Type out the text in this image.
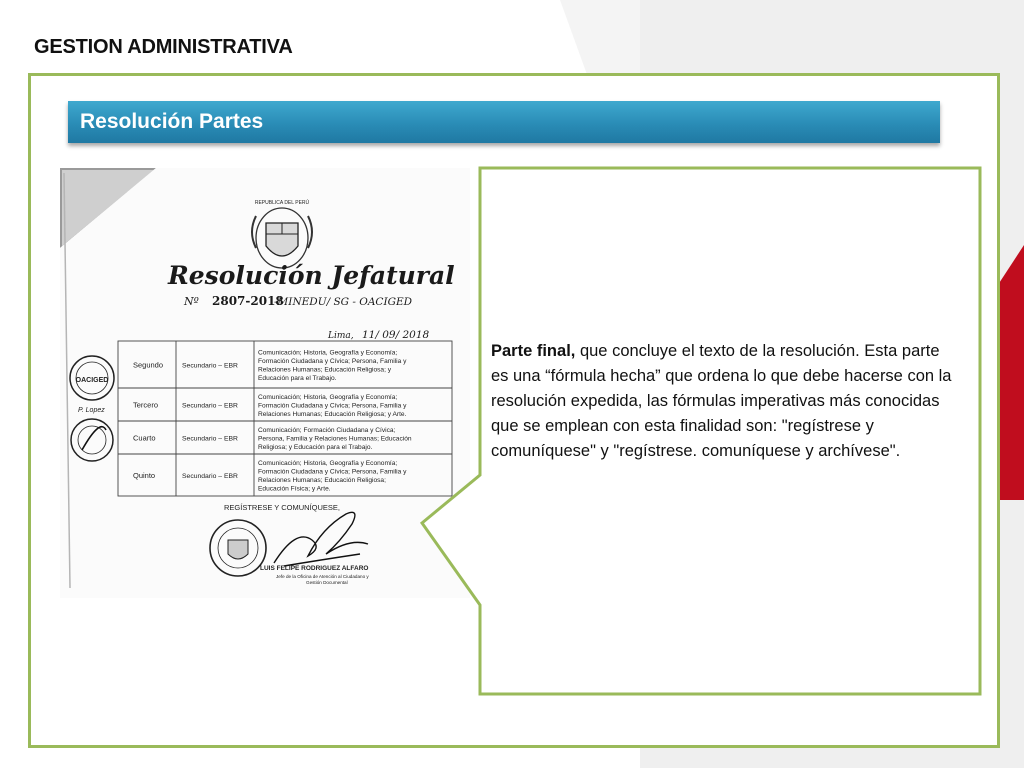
GESTION ADMINISTRATIVA
Resolución Partes
REPUBLICA DEL PERÚ
Resolución Jefatural
Nº 2807-2018
-MINEDU/ SG - OACIGED
Lima, 11/ 09/ 2018
Segundo	Secundario – EBR
Comunicación; Historia, Geografía y Economía;
Formación Ciudadana y Cívica; Persona, Familia y
Relaciones Humanas; Educación Religiosa; y
Educación para el Trabajo.
Tercero	Secundario – EBR
Comunicación; Historia, Geografía y Economía;
Formación Ciudadana y Cívica; Persona, Familia y
Relaciones Humanas; Educación Religiosa; y Arte.
Cuarto	Secundario – EBR
Comunicación; Formación Ciudadana y Cívica;
Persona, Familia y Relaciones Humanas; Educación
Religiosa; y Educación para el Trabajo.
Quinto	Secundario – EBR
Comunicación; Historia, Geografía y Economía;
Formación Ciudadana y Cívica; Persona, Familia y
Relaciones Humanas; Educación Religiosa;
Educación Física; y Arte.
OACIGED
P. Lopez
REGÍSTRESE Y COMUNÍQUESE,
LUIS FELIPE RODRIGUEZ ALFARO
Jefe de la Oficina de Atención al Ciudadano y
Gestión Documental
Parte final, que concluye el texto de la resolución. Esta parte es una “fórmula hecha” que ordena lo que debe hacerse con la resolución expedida, las fórmulas imperativas más conocidas que se emplean con esta finalidad son: "regístrese y comuníquese" y "regístrese. comuníquese y archívese".
